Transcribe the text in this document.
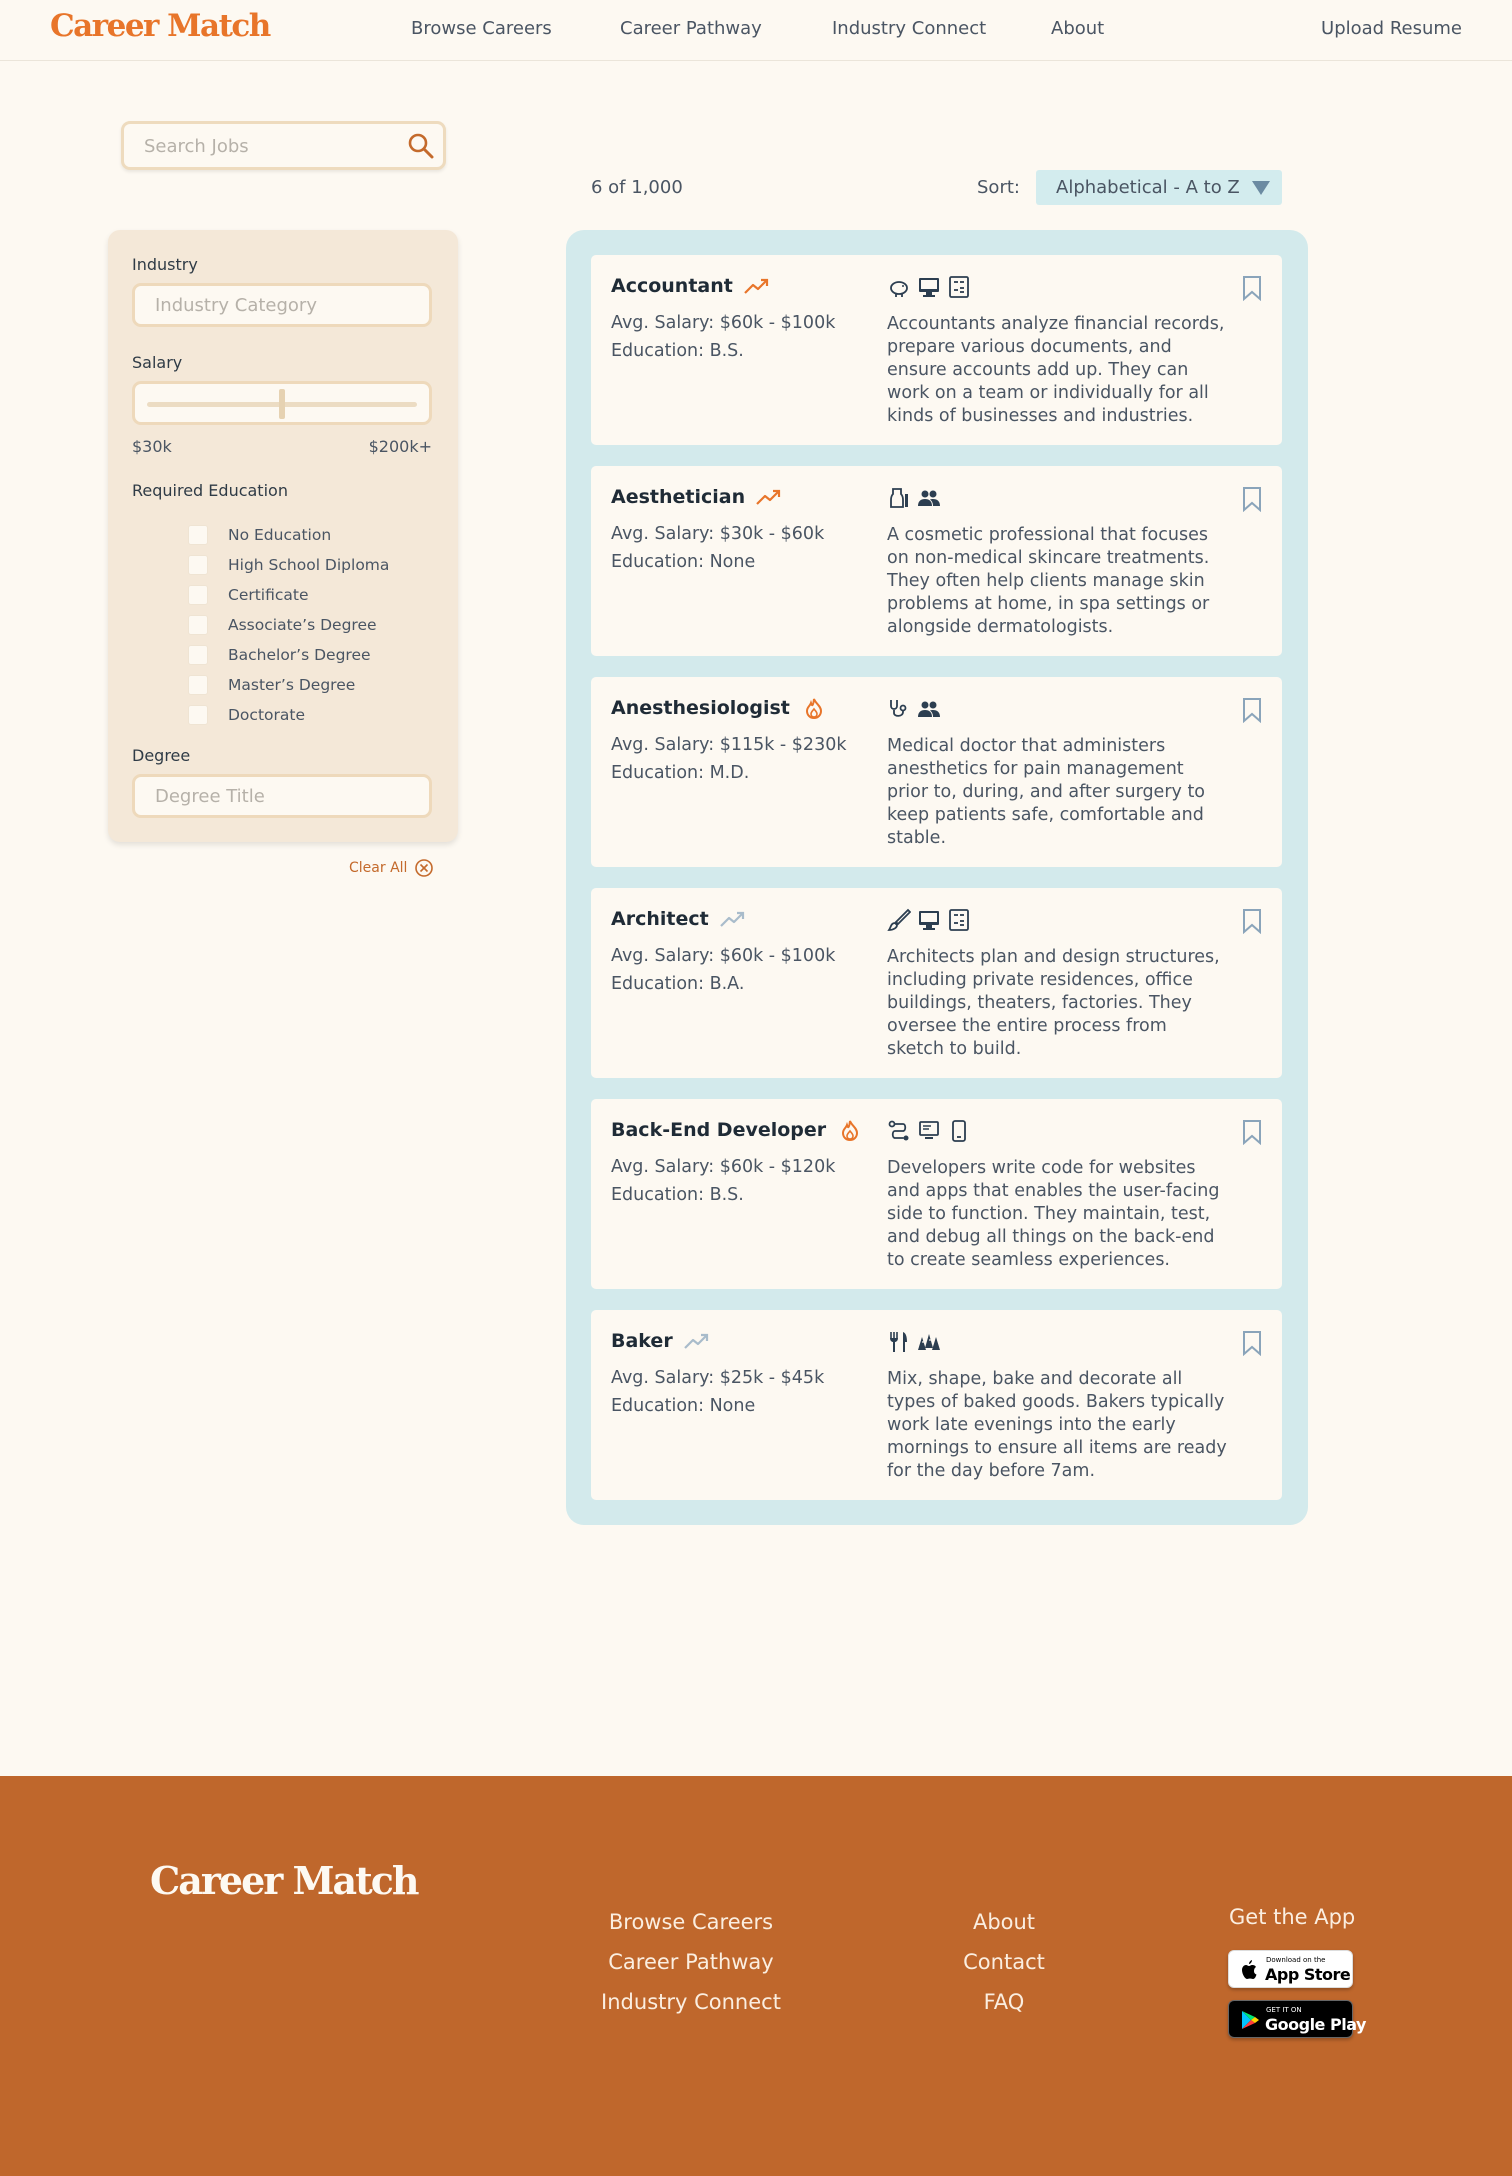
Career Match	Browse Careers	Career Pathway	Industry Connect	About	Upload Resume
Search Jobs
Industry
Industry Category
Salary
$30k	$200k+
Required Education
No Education
High School Diploma
Certificate
Associate’s Degree
Bachelor’s Degree
Master’s Degree
Doctorate
Degree
Degree Title
Clear All
6 of 1,000	Sort: Alphabetical - A to Z
Accountant
Avg. Salary: $60k - $100k
Education: B.S.
Accountants analyze financial records, prepare various documents, and ensure accounts add up. They can work on a team or individually for all kinds of businesses and industries.
Aesthetician
Avg. Salary: $30k - $60k
Education: None
A cosmetic professional that focuses on non-medical skincare treatments. They often help clients manage skin problems at home, in spa settings or alongside dermatologists.
Anesthesiologist
Avg. Salary: $115k - $230k
Education: M.D.
Medical doctor that administers anesthetics for pain management prior to, during, and after surgery to keep patients safe, comfortable and stable.
Architect
Avg. Salary: $60k - $100k
Education: B.A.
Architects plan and design structures, including private residences, office buildings, theaters, factories. They oversee the entire process from sketch to build.
Back-End Developer
Avg. Salary: $60k - $120k
Education: B.S.
Developers write code for websites and apps that enables the user-facing side to function. They maintain, test, and debug all things on the back-end to create seamless experiences.
Baker
Avg. Salary: $25k - $45k
Education: None
Mix, shape, bake and decorate all types of baked goods. Bakers typically work late evenings into the early mornings to ensure all items are ready for the day before 7am.
Career Match
Browse Careers
Career Pathway
Industry Connect
About
Contact
FAQ
Get the App
Download on the
App Store
GET IT ON
Google Play
